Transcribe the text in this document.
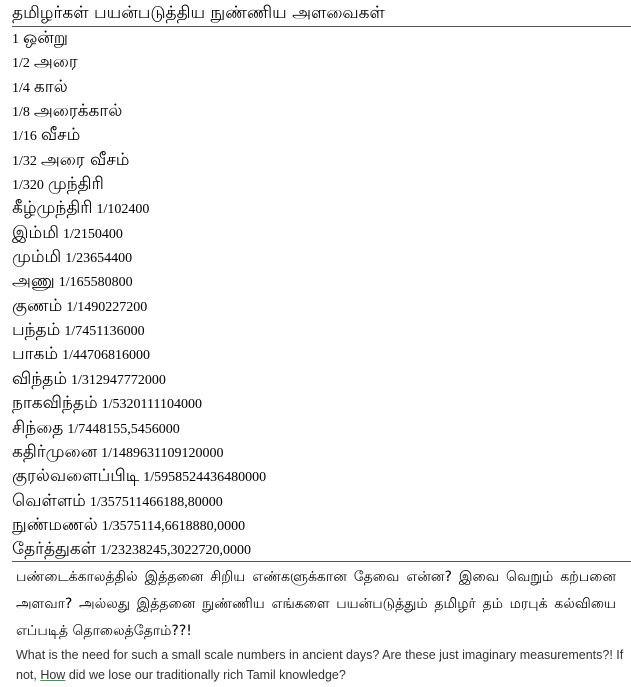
தமிழர்கள் பயன்படுத்திய நுண்ணிய அளவைகள்
1 ஒன்று
1/2 அரை
1/4 கால்
1/8 அரைக்கால்
1/16 வீசம்
1/32 அரை வீசம்
1/320 முந்திரி
கீழ்முந்திரி 1/102400
இம்மி 1/2150400
மும்மி 1/23654400
அணு 1/165580800
குணம் 1/1490227200
பந்தம் 1/7451136000
பாகம் 1/44706816000
விந்தம் 1/312947772000
நாகவிந்தம் 1/5320111104000
சிந்தை 1/7448155,5456000
கதிர்முனை 1/1489631109120000
குரல்வளைப்பிடி 1/5958524436480000
வெள்ளம் 1/357511466188,80000
நுண்மணல் 1/3575114,6618880,0000
தேர்த்துகள் 1/23238245,3022720,0000
பண்டைக்காலத்தில் இத்தனை சிறிய எண்களுக்கான தேவை என்ன? இவை வெறும் கற்பனை அளவா? அல்லது இத்தனை நுண்ணிய எங்களை பயன்படுத்தும் தமிழர் தம் மரபுக் கல்வியை எப்படித் தொலைத்தோம்??!
What is the need for such a small scale numbers in ancient days? Are these just imaginary measurements?! If not, How did we lose our traditionally rich Tamil knowledge?
